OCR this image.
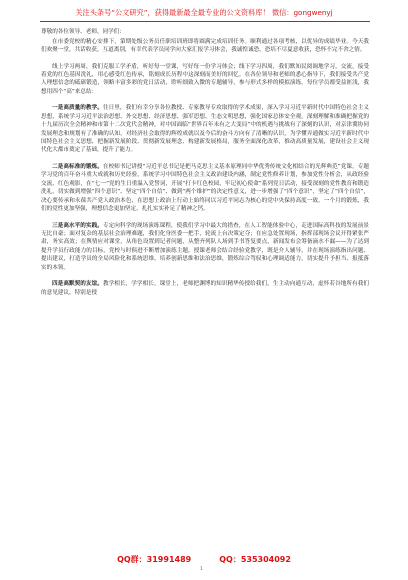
关注头条号“公文研究”，获得最新最全最专业的公文资料库！ 微信：gongwenyj

尊敬的各位领导、老师，同学们：

在市委党校的精心安排下，第期处级公务员任职培训班即将圆满完成培训任务。顺利通过各项考核，以优异的成绩毕业。今天我们欢聚一堂，共话收获，互道离别，有幸代表学员同学向大家汇报学习体会，我诚惶诚恐，恐培不尽夏意收获，恐怀不完不舍之情。

线上学习两周，我们克服工学矛盾，听好每一堂课，写好每一份学习体会；线下学习四周，我们默知民阅调地学习，交流，接受着党的红色基因洗礼，用心感受红色传承，铭刻成长历程中这深刻而美好的回忆。在各位领导和老师的悉心指导下，我们接受共产党人理想信念的砥砺锻造，领略丰富多彩的党日活动，聆听细致入微的专题辅导，参与形式多样的模拟演练。每位学员都受益匪浅，我想用四个“高”来总结：

一是高质量的教学。往日里，我们有幸分享各位教授、专家教导专攻取得的学术成果，深入学习习近平新时代中国特色社会主义思想，系统学习习近平法治思想、外交思想、经济思想、强军思想、生态文明思想，强化国家总体安全观，深刻理解和准确把握党的十九届历次全会精神和市第十二次党代会精神，对中国面临“世界百年未有之大变局”中的机遇与挑战有了深刻的认识，对京津冀协同发展理念和规划有了准确的认知，对经济社会取得的辉煌成就以及今后的奋斗方向有了清晰的认识，为学懂弄通做实习近平新时代中国特色社会主义思想，把握新发展阶段、贯彻新发展理念、构建新发展格局，服务全面深化改革，推动高质量发展，建设社会主义现代化大都市奠定了基础，提升了能力。

二是高标准的锻炼。在校师书记讲授“习近平总书记是把马克思主义基本原理同中华优秀传统文化相结合的光辉典范”党课，专题学习党的百年奋斗重大成就和历史经验，系统学习中国特色社会主义政治建设内涵，制定党性修养计划，参加党性分析会，从政经验交流、红色观影，在“七一”党的生日重温入党誓词，开展“打卡红色校园，牢记初心使命”系列党日活动，接受深刻的党性教育和锻造洗礼，切实做到增强“四个意识”、坚定“四个自信”、做到“两个维护”的决定性意义，进一步增强了“四个意识”，坚定了“四个自信”，决心要传承和永葆共产党人政治本色，在思想上政治上行动上始终同以习近平同志为核心的党中央保持高度一致。一个月的锻炼，我们的党性更加坚强，理想信念更加坚定，扎扎实实补足了精神之钙。

三是高水平的实践。专定向科学的现场演练课程，使我们学习中最大的措查，在人工智能体验中心，走进国际高科技的发展前景无比自豪；面对复杂的基层社会治理难题，我们化身医委一把手，轮流上台决策定夺；在应急处置现场，指挥部现场会议开得紧张严肃，务实高效；在舆情应对课堂，从角色设置到记者问题，从整齐列队人场到手书答复要点，新闻发布会筹备滴水不漏——为了达到提升学员行政能力的目标，党校与时俱进不断增加演练主题，授课老师会结合经验党教学，既是介人辅导，并在现场演练指出问题、提出建议，打造学员的全局风险化和系统思维，培养创新思维和法治思维，锻炼综合驾驭和心理调适能力，切实提升予担当、报抵落实的本领。

四是高默契的友谊。教学相长，学学相长。课堂上，老师把渊博的知识精华传授给我们，生主动向通互动，虚怀若谷地所有我们的意见建议，特别是授

QQ群：31991489	QQ：535304092
1
